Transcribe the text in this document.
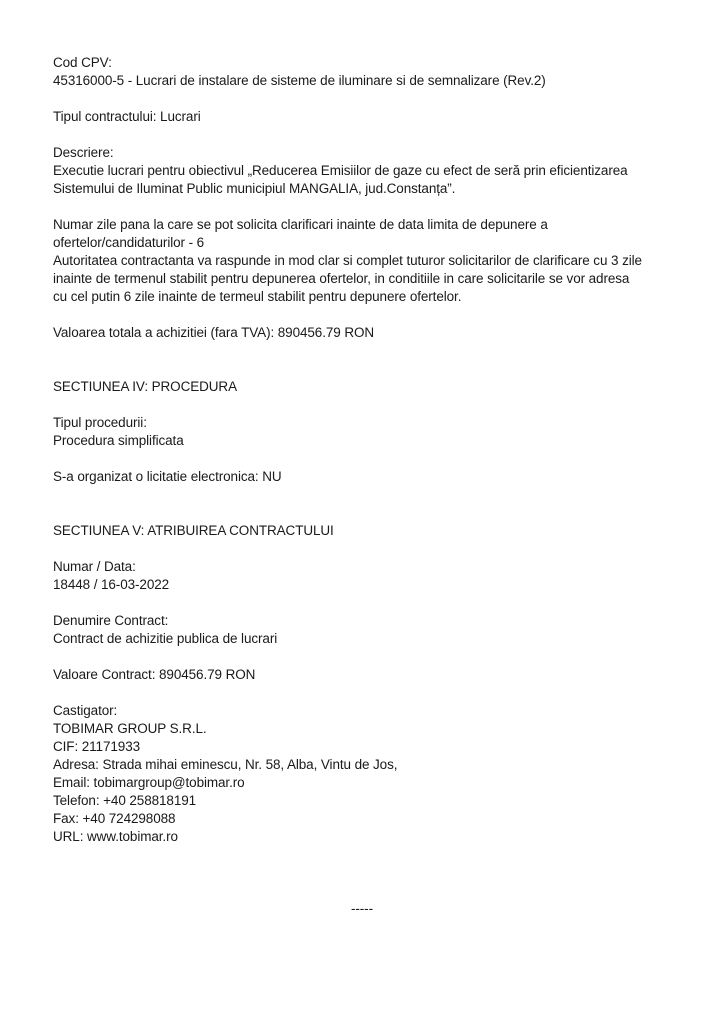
Cod CPV:
45316000-5 - Lucrari de instalare de sisteme de iluminare si de semnalizare (Rev.2)
Tipul contractului: Lucrari
Descriere:
Executie lucrari pentru obiectivul „Reducerea Emisiilor de gaze cu efect de seră prin eficientizarea
Sistemului de Iluminat Public municipiul MANGALIA, jud.Constanța”.
Numar zile pana la care se pot solicita clarificari inainte de data limita de depunere a
ofertelor/candidaturilor - 6
Autoritatea contractanta va raspunde in mod clar si complet tuturor solicitarilor de clarificare cu 3 zile
inainte de termenul stabilit pentru depunerea ofertelor, in conditiile in care solicitarile se vor adresa
cu cel putin 6 zile inainte de termeul stabilit pentru depunere ofertelor.
Valoarea totala a achizitiei (fara TVA): 890456.79 RON
SECTIUNEA IV: PROCEDURA
Tipul procedurii:
Procedura simplificata
S-a organizat o licitatie electronica: NU
SECTIUNEA V: ATRIBUIREA CONTRACTULUI
Numar / Data:
18448 / 16-03-2022
Denumire Contract:
Contract de achizitie publica de lucrari
Valoare Contract: 890456.79 RON
Castigator:
TOBIMAR GROUP S.R.L.
CIF: 21171933
Adresa: Strada mihai eminescu, Nr. 58, Alba, Vintu de Jos,
Email: tobimargroup@tobimar.ro
Telefon: +40 258818191
Fax: +40 724298088
URL: www.tobimar.ro
-----
